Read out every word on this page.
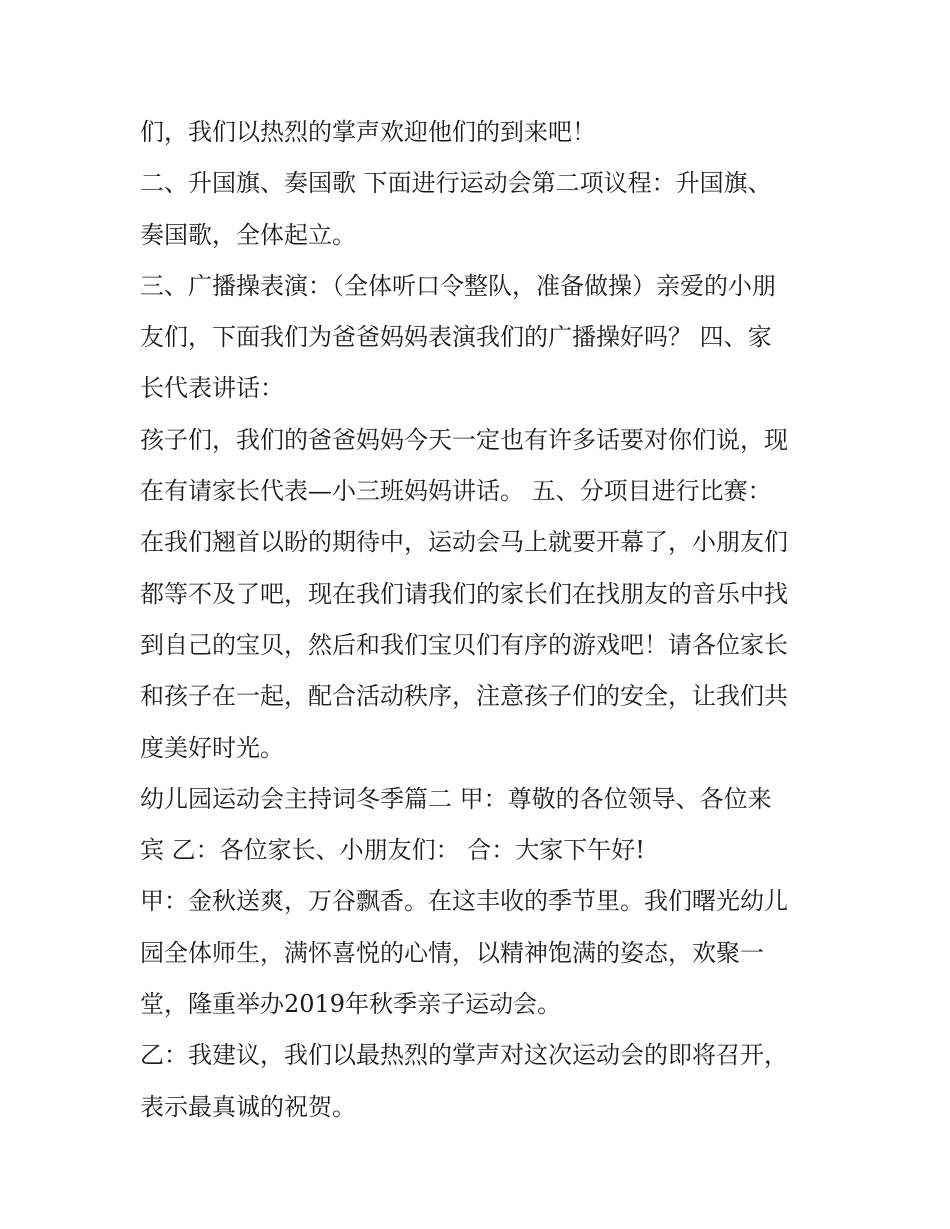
们，我们以热烈的掌声欢迎他们的到来吧！

二、升国旗、奏国歌 下面进行运动会第二项议程：升国旗、

奏国歌，全体起立。

三、广播操表演：（全体听口令整队，准备做操）亲爱的小朋

友们，下面我们为爸爸妈妈表演我们的广播操好吗？ 四、家

长代表讲话：

孩子们，我们的爸爸妈妈今天一定也有许多话要对你们说，现

在有请家长代表—小三班妈妈讲话。 五、分项目进行比赛：

在我们翘首以盼的期待中，运动会马上就要开幕了，小朋友们

都等不及了吧，现在我们请我们的家长们在找朋友的音乐中找

到自己的宝贝，然后和我们宝贝们有序的游戏吧！请各位家长

和孩子在一起，配合活动秩序，注意孩子们的安全，让我们共

度美好时光。

幼儿园运动会主持词冬季篇二 甲：尊敬的各位领导、各位来

宾 乙：各位家长、小朋友们： 合：大家下午好!

甲：金秋送爽，万谷飘香。在这丰收的季节里。我们曙光幼儿

园全体师生，满怀喜悦的心情，以精神饱满的姿态，欢聚一

堂，隆重举办2019年秋季亲子运动会。

乙：我建议，我们以最热烈的掌声对这次运动会的即将召开，

表示最真诚的祝贺。
